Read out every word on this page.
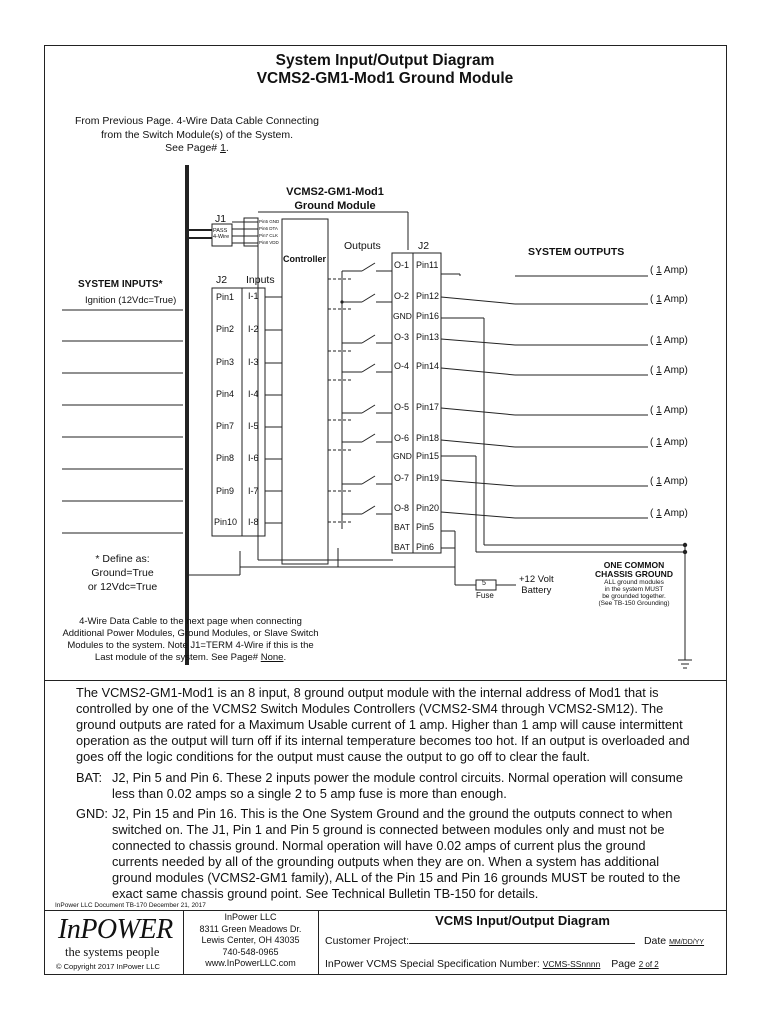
System Input/Output Diagram
VCMS2-GM1-Mod1 Ground Module
From Previous Page. 4-Wire Data Cable Connecting
from the Switch Module(s) of the System.
See Page# 1.
VCMS2-GM1-Mod1
Ground Module
J1
PASS
4-Wire
Pin5 GND
Pin6 DTA
Pin7 CLK
Pin8 VDD
Controller
Outputs	J2
J2 Inputs
SYSTEM INPUTS*
Ignition (12Vdc=True)	Pin1 I-1
Pin2 I-2
Pin3 I-3
Pin4 I-4
Pin7 I-5
Pin8 I-6
Pin9 I-7
Pin10 I-8
O-1 Pin11
O-2 Pin12
GND Pin16
O-3 Pin13
O-4 Pin14
O-5 Pin17
O-6 Pin18
GND Pin15
O-7 Pin19
O-8 Pin20
BAT Pin5
BAT Pin6
SYSTEM OUTPUTS
( 1 Amp)
( 1 Amp)
( 1 Amp)
( 1 Amp)
( 1 Amp)
( 1 Amp)
( 1 Amp)
( 1 Amp)
* Define as:
Ground=True
or 12Vdc=True	5
Fuse
+12 Volt
Battery
ONE COMMON
CHASSIS GROUND
ALL ground modules
in the system MUST
be grounded together.
(See TB-150 Grounding)
4-Wire Data Cable to the next page when connecting
Additional Power Modules, Ground Modules, or Slave Switch
Modules to the system. Note J1=TERM 4-Wire if this is the
Last module of the system. See Page# None.
The VCMS2-GM1-Mod1 is an 8 input, 8 ground output module with the internal address of Mod1 that is controlled by one of the VCMS2 Switch Modules Controllers (VCMS2-SM4 through VCMS2-SM12). The ground outputs are rated for a Maximum Usable current of 1 amp. Higher than 1 amp will cause intermittent operation as the output will turn off if its internal temperature becomes too hot. If an output is overloaded and goes off the logic conditions for the output must cause the output to go off to clear the fault.
BAT: J2, Pin 5 and Pin 6. These 2 inputs power the module control circuits. Normal operation will consume less than 0.02 amps so a single 2 to 5 amp fuse is more than enough.
GND: J2, Pin 15 and Pin 16. This is the One System Ground and the ground the outputs connect to when switched on. The J1, Pin 1 and Pin 5 ground is connected between modules only and must not be connected to chassis ground. Normal operation will have 0.02 amps of current plus the ground currents needed by all of the grounding outputs when they are on. When a system has additional ground modules (VCMS2-GM1 family), ALL of the Pin 15 and Pin 16 grounds MUST be routed to the exact same chassis ground point. See Technical Bulletin TB-150 for details.
InPower LLC Document TB-170 December 21, 2017
InPOWER
the systems people
© Copyright 2017 InPower LLC
InPower LLC
8311 Green Meadows Dr.
Lewis Center, OH 43035
740-548-0965
www.InPowerLLC.com
VCMS Input/Output Diagram
Customer Project:	Date MM/DD/YY
InPower VCMS Special Specification Number: VCMS-SSnnnn Page 2 of 2
